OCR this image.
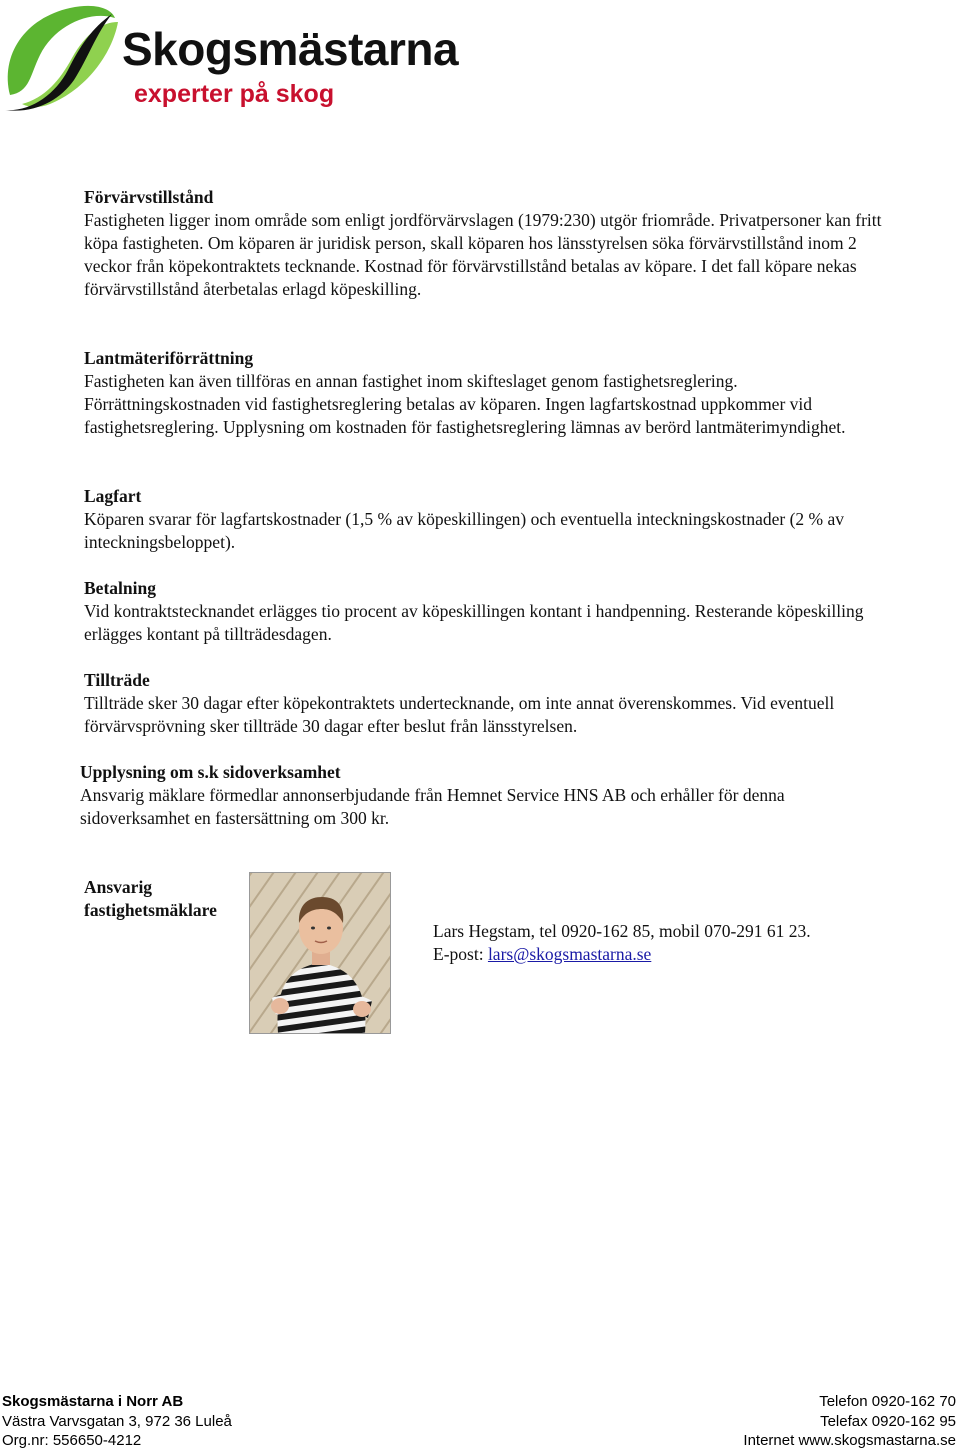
Skogsmästarna
experter på skog
Förvärvstillstånd

Fastigheten ligger inom område som enligt jordförvärvslagen (1979:230) utgör friområde. Privatpersoner kan fritt köpa fastigheten. Om köparen är juridisk person, skall köparen hos länsstyrelsen söka förvärvstillstånd inom 2 veckor från köpekontraktets tecknande. Kostnad för förvärvstillstånd betalas av köpare. I det fall köpare nekas förvärvstillstånd återbetalas erlagd köpeskilling.

Lantmäteriförrättning

Fastigheten kan även tillföras en annan fastighet inom skifteslaget genom fastighetsreglering. Förrättningskostnaden vid fastighetsreglering betalas av köparen. Ingen lagfartskostnad uppkommer vid fastighetsreglering. Upplysning om kostnaden för fastighetsreglering lämnas av berörd lantmäterimyndighet.

Lagfart

Köparen svarar för lagfartskostnader (1,5 % av köpeskillingen) och eventuella inteckningskostnader (2 % av inteckningsbeloppet).

Betalning

Vid kontraktstecknandet erlägges tio procent av köpeskillingen kontant i handpenning. Resterande köpeskilling erlägges kontant på tillträdesdagen.

Tillträde

Tillträde sker 30 dagar efter köpekontraktets undertecknande, om inte annat överenskommes. Vid eventuell förvärvsprövning sker tillträde 30 dagar efter beslut från länsstyrelsen.

Upplysning om s.k sidoverksamhet

Ansvarig mäklare förmedlar annonserbjudande från Hemnet Service HNS AB och erhåller för denna sidoverksamhet en fastersättning om 300 kr.

Ansvarig
fastighetsmäklare
Lars Hegstam, tel 0920-162 85, mobil 070-291 61 23.
E-post: lars@skogsmastarna.se
Skogsmästarna i Norr AB
Västra Varvsgatan 3, 972 36 Luleå
Org.nr: 556650-4212
Telefon 0920-162 70
Telefax 0920-162 95
Internet www.skogsmastarna.se
